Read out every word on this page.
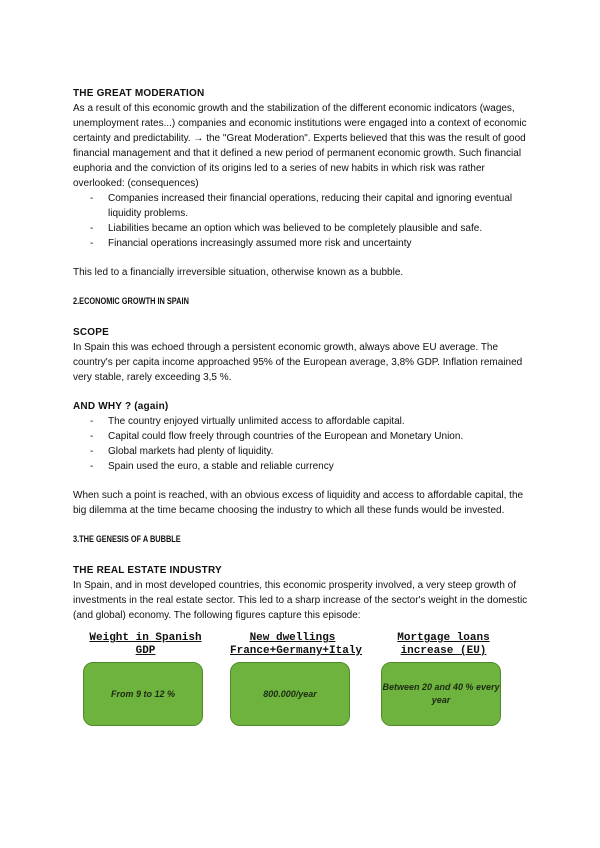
THE GREAT MODERATION

As a result of this economic growth and the stabilization of the different economic indicators (wages, unemployment rates...) companies and economic institutions were engaged into a context of economic certainty and predictability. → the "Great Moderation". Experts believed that this was the result of good financial management and that it defined a new period of permanent economic growth. Such financial euphoria and the conviction of its origins led to a series of new habits in which risk was rather overlooked: (consequences)

- Companies increased their financial operations, reducing their capital and ignoring eventual liquidity problems.
- Liabilities became an option which was believed to be completely plausible and safe.
- Financial operations increasingly assumed more risk and uncertainty

This led to a financially irreversible situation, otherwise known as a bubble.

2.ECONOMIC GROWTH IN SPAIN

SCOPE

In Spain this was echoed through a persistent economic growth, always above EU average. The country's per capita income approached 95% of the European average, 3,8% GDP. Inflation remained very stable, rarely exceeding 3,5 %.

AND WHY ? (again)

- The country enjoyed virtually unlimited access to affordable capital.
- Capital could flow freely through countries of the European and Monetary Union.
- Global markets had plenty of liquidity.
- Spain used the euro, a stable and reliable currency

When such a point is reached, with an obvious excess of liquidity and access to affordable capital, the big dilemma at the time became choosing the industry to which all these funds would be invested.

3.THE GENESIS OF A BUBBLE

THE REAL ESTATE INDUSTRY

In Spain, and in most developed countries, this economic prosperity involved, a very steep growth of investments in the real estate sector. This led to a sharp increase of the sector's weight in the domestic (and global) economy. The following figures capture this episode:

Weight in Spanish GDP
From 9 to 12 %
New dwellings France+Germany+Italy
800.000/year
Mortgage loans increase (EU)
Between 20 and 40 % every year
